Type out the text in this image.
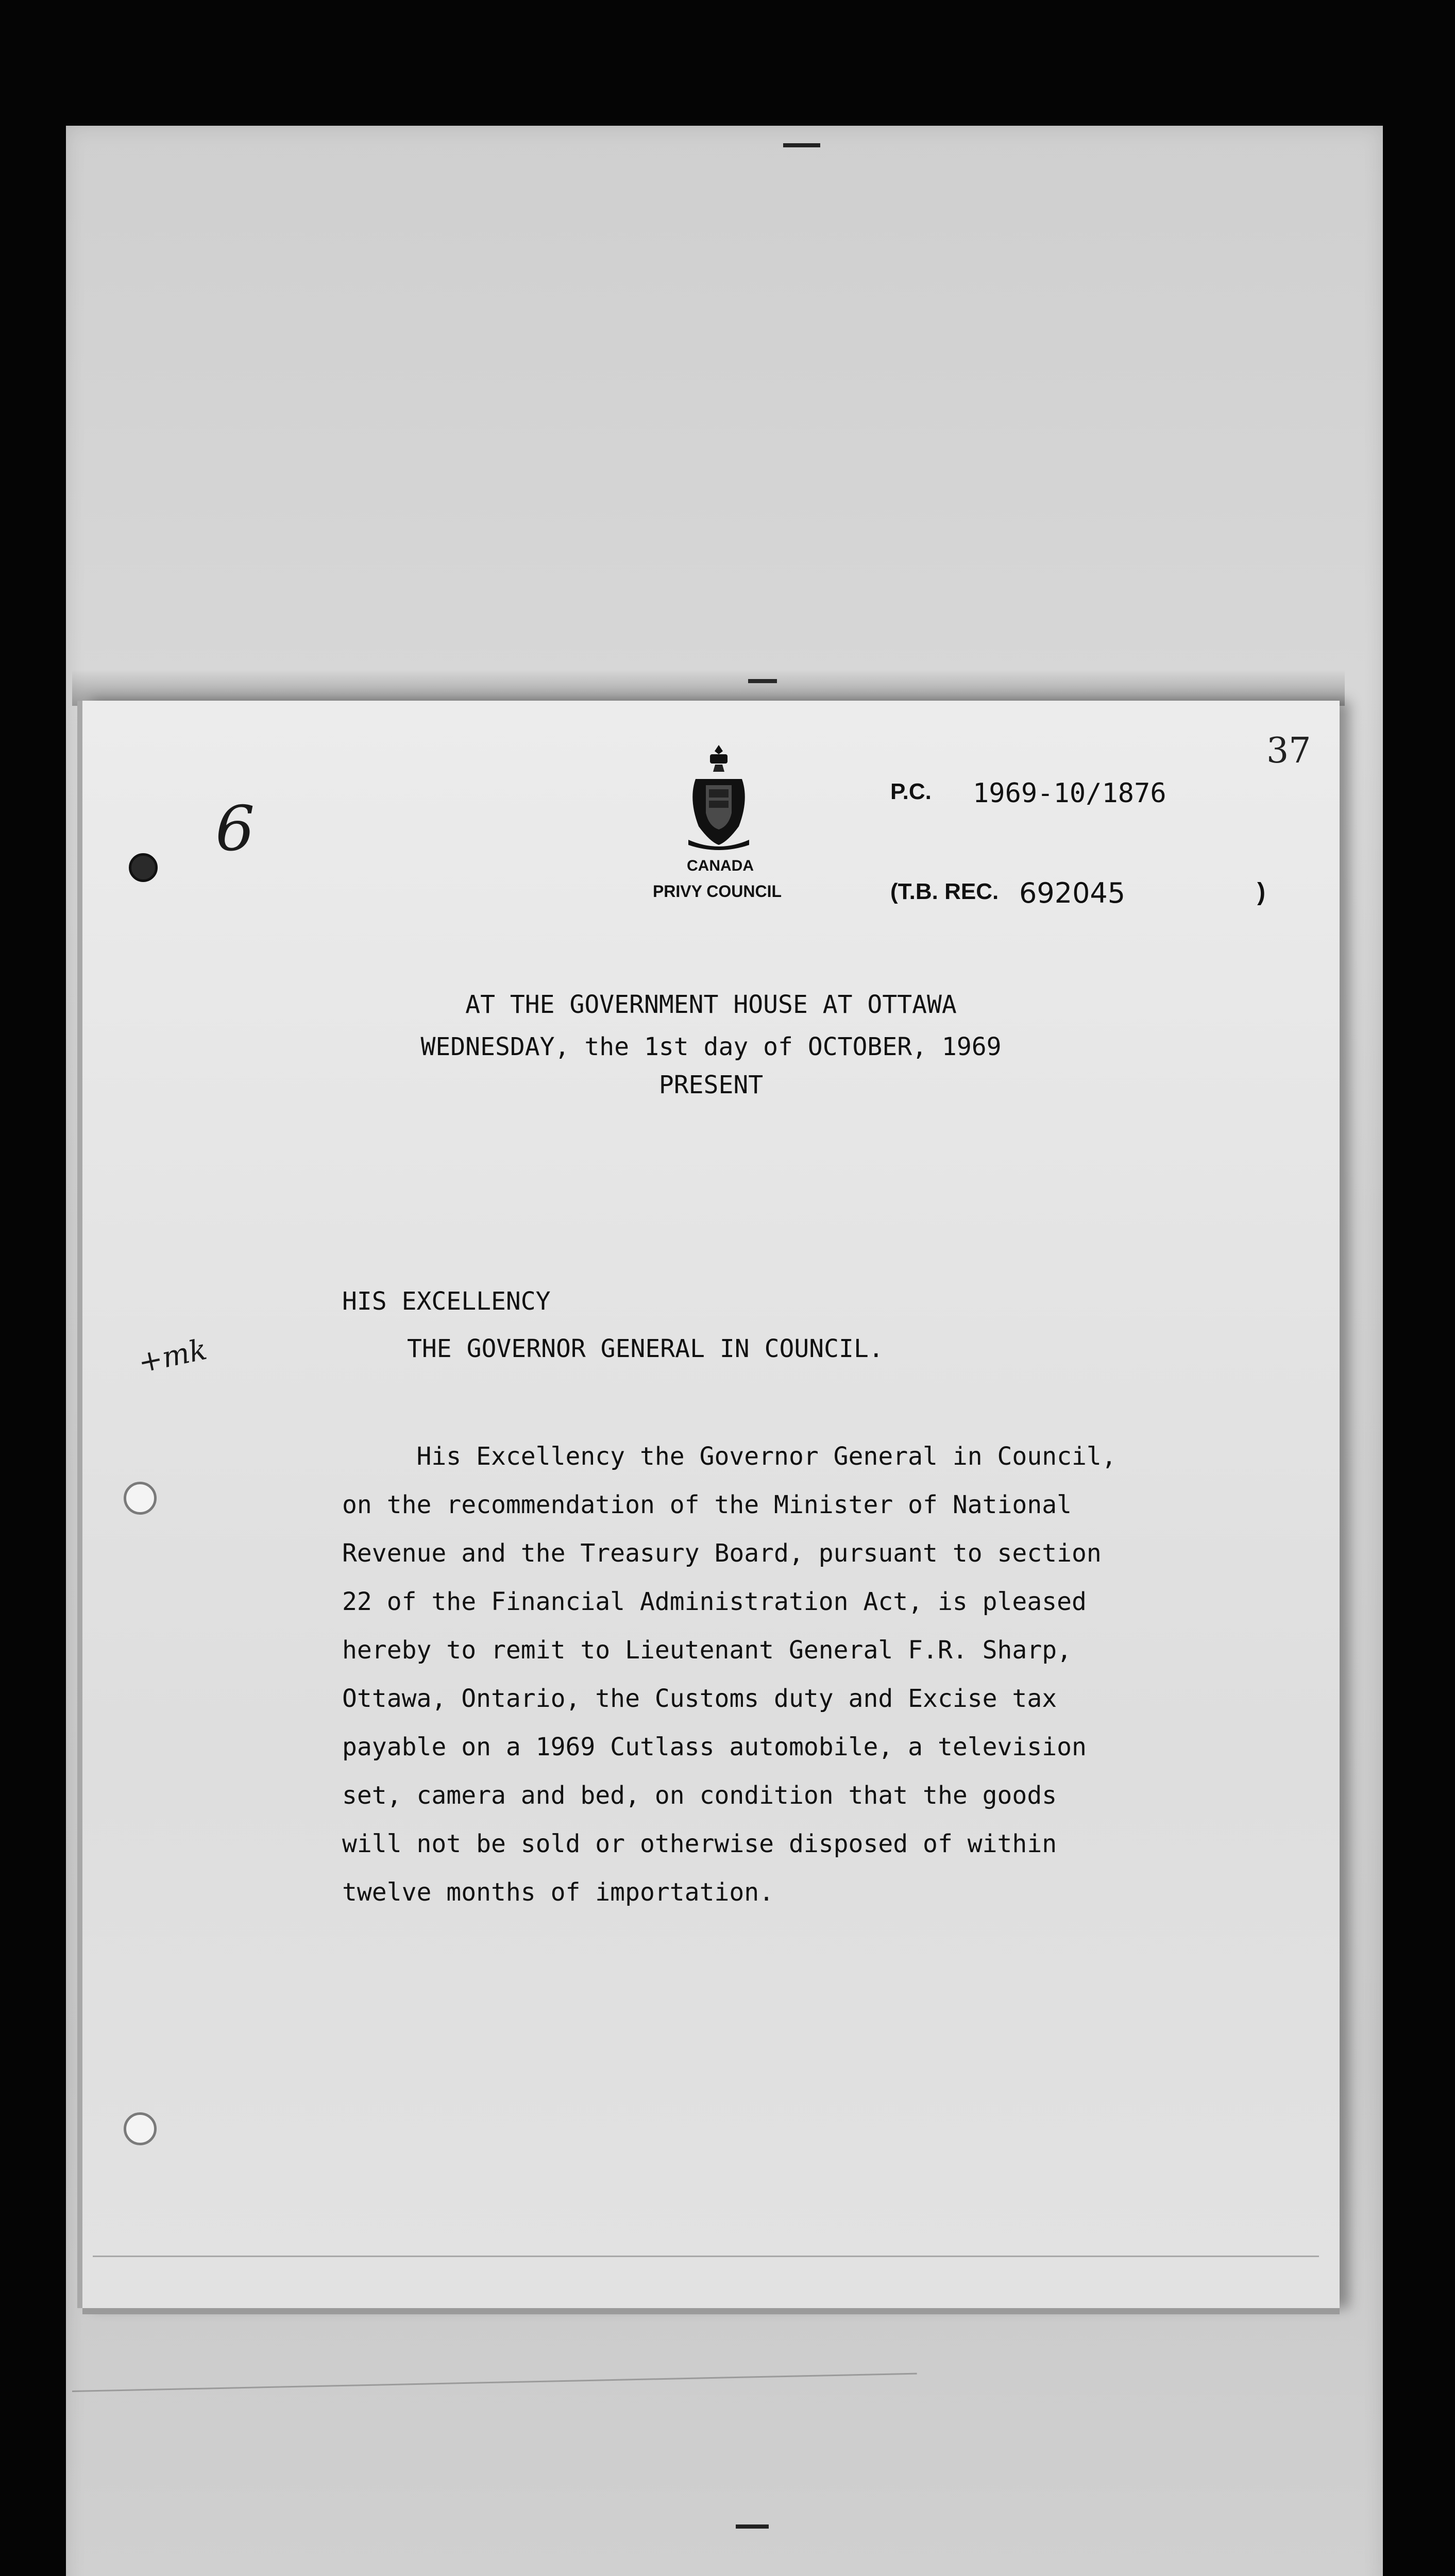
37
CANADA
PRIVY COUNCIL
P.C. 1969-10/1876
(T.B. REC. 692045	)
6
+mk
AT THE GOVERNMENT HOUSE AT OTTAWA
WEDNESDAY, the 1st day of OCTOBER, 1969
PRESENT
HIS EXCELLENCY
THE GOVERNOR GENERAL IN COUNCIL.
His Excellency the Governor General in Council,
on the recommendation of the Minister of National
Revenue and the Treasury Board, pursuant to section
22 of the Financial Administration Act, is pleased
hereby to remit to Lieutenant General F.R. Sharp,
Ottawa, Ontario, the Customs duty and Excise tax
payable on a 1969 Cutlass automobile, a television
set, camera and bed, on condition that the goods
will not be sold or otherwise disposed of within
twelve months of importation.
